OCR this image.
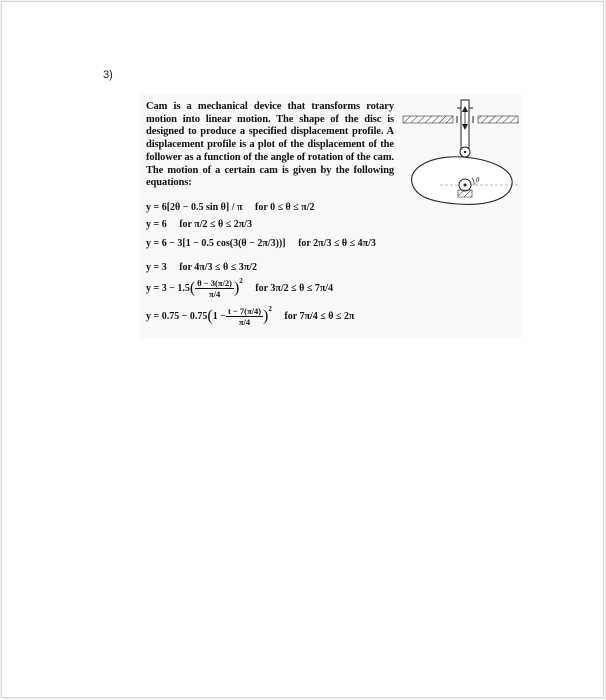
3)
Cam is a mechanical device that transforms rotary motion into linear motion. The shape of the disc is designed to produce a specified displacement profile. A displacement profile is a plot of the displacement of the follower as a function of the angle of rotation of the cam. The motion of a certain cam is given by the following equations:
y = 6[2θ − 0.5 sin θ] / π for 0 ≤ θ ≤ π/2
y = 6 for π/2 ≤ θ ≤ 2π/3
y = 6 − 3[1 − 0.5 cos(3(θ − 2π/3))] for 2π/3 ≤ θ ≤ 4π/3
y = 3 for 4π/3 ≤ θ ≤ 3π/2
$y = 3 - 1.5( \frac{\theta - 3(\pi/2)}{\pi/4} )^2$ for 3π/2 ≤ θ ≤ 7π/4
$y = 0.75 - 0.75(1 - \frac{t - 7(\pi/4)}{\pi/4} )^2$ for 7π/4 ≤ θ ≤ 2π
θ
